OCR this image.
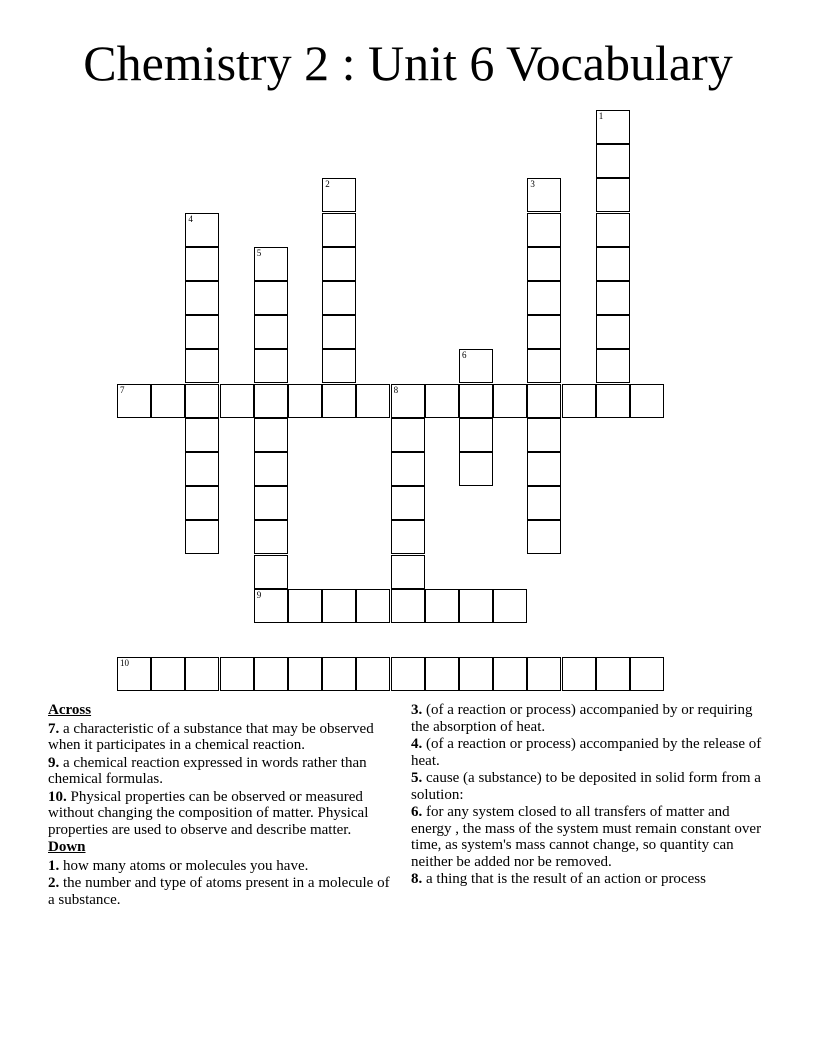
Chemistry 2 : Unit 6 Vocabulary
1
2	3
4
5
9
6
7	8
10
Across
7. a characteristic of a substance that may be observed when it participates in a chemical reaction.
9. a chemical reaction expressed in words rather than chemical formulas.
10. Physical properties can be observed or measured without changing the composition of matter. Physical properties are used to observe and describe matter.
Down
1. how many atoms or molecules you have.
2. the number and type of atoms present in a molecule of a substance.
3. (of a reaction or process) accompanied by or requiring the absorption of heat.
4. (of a reaction or process) accompanied by the release of heat.
5. cause (a substance) to be deposited in solid form from a solution:
6. for any system closed to all transfers of matter and energy , the mass of the system must remain constant over time, as system's mass cannot change, so quantity can neither be added nor be removed.
8. a thing that is the result of an action or process
